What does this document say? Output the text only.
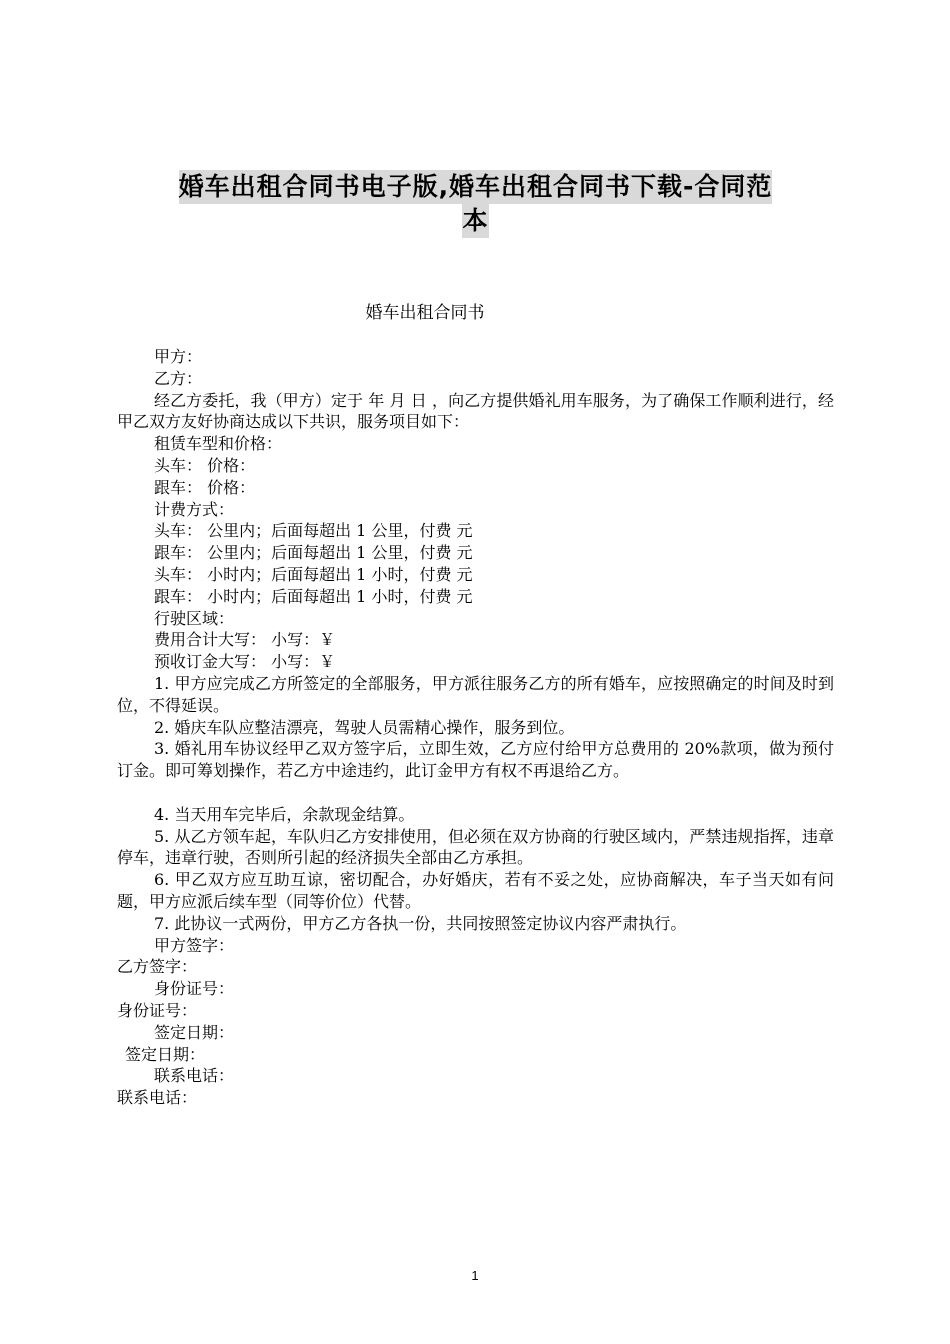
婚车出租合同书电子版,婚车出租合同书下载-合同范
本
婚车出租合同书

甲方：

乙方：

经乙方委托，我（甲方）定于 年 月 日 ，向乙方提供婚礼用车服务，为了确保工作顺利进行，经甲乙双方友好协商达成以下共识，服务项目如下：

租赁车型和价格：

头车： 价格：

跟车： 价格：

计费方式：

头车： 公里内；后面每超出 1 公里，付费 元

跟车： 公里内；后面每超出 1 公里，付费 元

头车： 小时内；后面每超出 1 小时，付费 元

跟车： 小时内；后面每超出 1 小时，付费 元

行驶区域：

费用合计大写： 小写：￥

预收订金大写： 小写：￥

1. 甲方应完成乙方所签定的全部服务，甲方派往服务乙方的所有婚车，应按照确定的时间及时到位，不得延误。

2. 婚庆车队应整洁漂亮，驾驶人员需精心操作，服务到位。

3. 婚礼用车协议经甲乙双方签字后，立即生效，乙方应付给甲方总费用的 20%款项，做为预付订金。即可筹划操作，若乙方中途违约，此订金甲方有权不再退给乙方。

4. 当天用车完毕后，余款现金结算。

5. 从乙方领车起，车队归乙方安排使用，但必须在双方协商的行驶区域内，严禁违规指挥，违章停车，违章行驶，否则所引起的经济损失全部由乙方承担。

6. 甲乙双方应互助互谅，密切配合，办好婚庆，若有不妥之处，应协商解决，车子当天如有问题，甲方应派后续车型（同等价位）代替。

7. 此协议一式两份，甲方乙方各执一份，共同按照签定协议内容严肃执行。

甲方签字：

乙方签字：

身份证号：

身份证号：

签定日期：

签定日期：

联系电话：

联系电话：

1
